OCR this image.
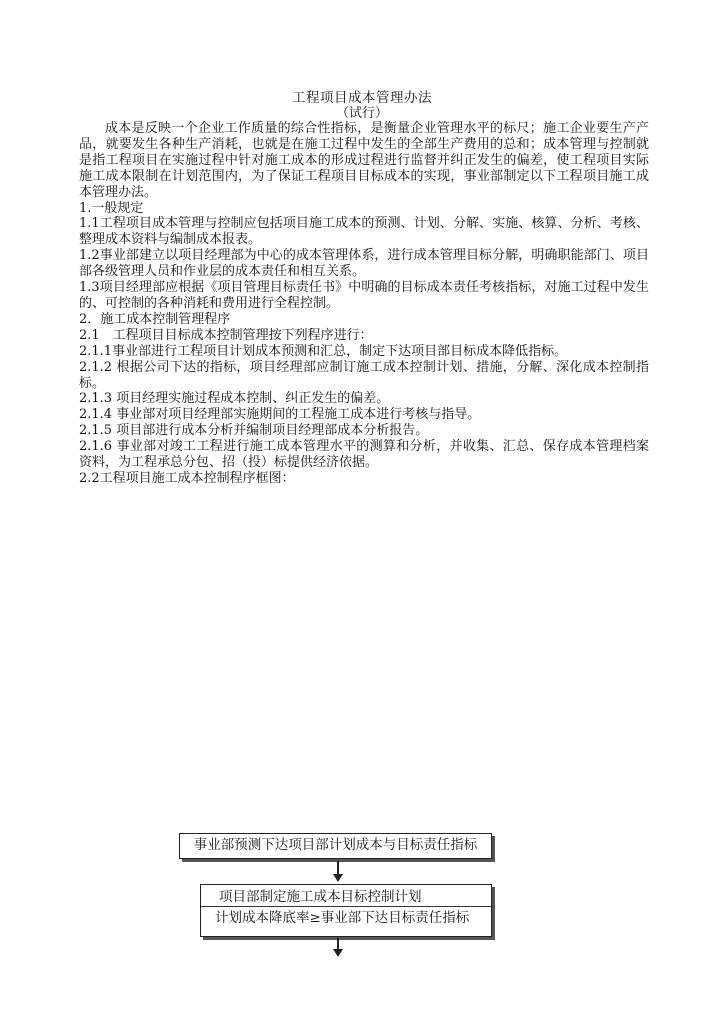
工程项目成本管理办法
（试行）

成本是反映一个企业工作质量的综合性指标，是衡量企业管理水平的标尺；施工企业要生产产品，就要发生各种生产消耗，也就是在施工过程中发生的全部生产费用的总和；成本管理与控制就是指工程项目在实施过程中针对施工成本的形成过程进行监督并纠正发生的偏差，使工程项目实际施工成本限制在计划范围内，为了保证工程项目目标成本的实现，事业部制定以下工程项目施工成本管理办法。

1.一般规定

1.1工程项目成本管理与控制应包括项目施工成本的预测、计划、分解、实施、核算、分析、考核、整理成本资料与编制成本报表。

1.2事业部建立以项目经理部为中心的成本管理体系，进行成本管理目标分解，明确职能部门、项目部各级管理人员和作业层的成本责任和相互关系。

1.3项目经理部应根据《项目管理目标责任书》中明确的目标成本责任考核指标，对施工过程中发生的、可控制的各种消耗和费用进行全程控制。

2．施工成本控制管理程序

2.1　工程项目目标成本控制管理按下列程序进行：

2.1.1事业部进行工程项目计划成本预测和汇总，制定下达项目部目标成本降低指标。

2.1.2 根据公司下达的指标，项目经理部应制订施工成本控制计划、措施，分解、深化成本控制指标。

2.1.3 项目经理实施过程成本控制、纠正发生的偏差。

2.1.4 事业部对项目经理部实施期间的工程施工成本进行考核与指导。

2.1.5 项目部进行成本分析并编制项目经理部成本分析报告。

2.1.6 事业部对竣工工程进行施工成本管理水平的测算和分析，并收集、汇总、保存成本管理档案资料，为工程承总分包、招（投）标提供经济依据。

2.2工程项目施工成本控制程序框图：

事业部预测下达项目部计划成本与目标责任指标
项目部制定施工成本目标控制计划
计划成本降底率≥事业部下达目标责任指标
